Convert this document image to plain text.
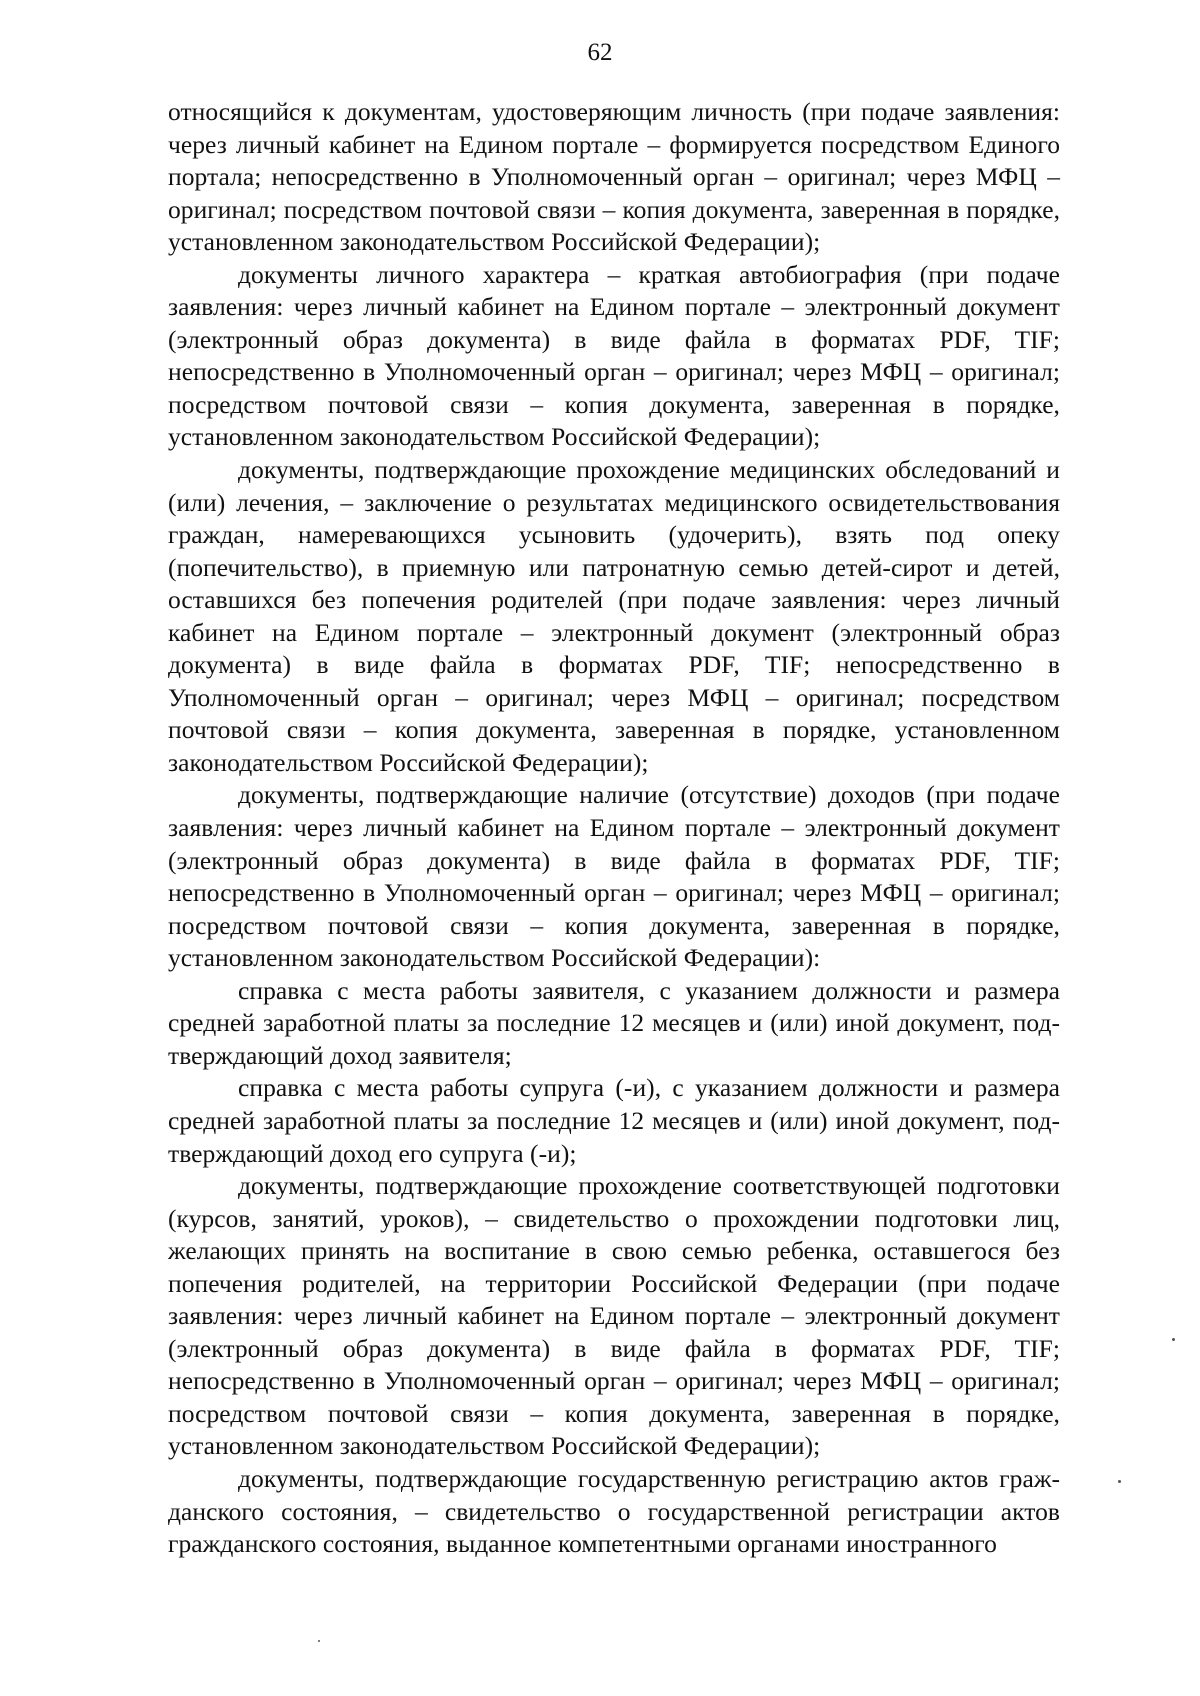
62

относящийся к документам, удостоверяющим личность (при подаче заявления: через личный кабинет на Едином портале – формируется посредством Единого портала; непосредственно в Уполномоченный орган – оригинал; через МФЦ – оригинал; посредством почтовой связи – копия документа, заверенная в порядке, установленном законодательством Российской Федерации);

документы личного характера – краткая автобиография (при подаче заявления: через личный кабинет на Едином портале – электронный документ (электронный образ документа) в виде файла в форматах PDF, TIF; непосредственно в Уполномоченный орган – оригинал; через МФЦ – оригинал; посредством почтовой связи – копия документа, заверенная в порядке, установленном законодательством Российской Федерации);

документы, подтверждающие прохождение медицинских обследований и (или) лечения, – заключение о результатах медицинского освидетельствования граждан, намеревающихся усыновить (удочерить), взять под опеку (попечительство), в приемную или патронатную семью детей-сирот и детей, оставшихся без попечения родителей (при подаче заявления: через личный кабинет на Едином портале – электронный документ (электронный образ документа) в виде файла в форматах PDF, TIF; непосредственно в Уполномоченный орган – оригинал; через МФЦ – оригинал; посредством почтовой связи – копия документа, заверенная в порядке, установленном законодательством Российской Федерации);

документы, подтверждающие наличие (отсутствие) доходов (при подаче заявления: через личный кабинет на Едином портале – электронный документ (электронный образ документа) в виде файла в форматах PDF, TIF; непосредственно в Уполномоченный орган – оригинал; через МФЦ – оригинал; посредством почтовой связи – копия документа, заверенная в порядке, установленном законодательством Российской Федерации):

справка с места работы заявителя, с указанием должности и размера средней заработной платы за последние 12 месяцев и (или) иной документ, подтверждающий доход заявителя;

справка с места работы супруга (-и), с указанием должности и размера средней заработной платы за последние 12 месяцев и (или) иной документ, подтверждающий доход его супруга (-и);

документы, подтверждающие прохождение соответствующей подготовки (курсов, занятий, уроков), – свидетельство о прохождении подготовки лиц, желающих принять на воспитание в свою семью ребенка, оставшегося без попечения родителей, на территории Российской Федерации (при подаче заявления: через личный кабинет на Едином портале – электронный документ (электронный образ документа) в виде файла в форматах PDF, TIF; непосредственно в Уполномоченный орган – оригинал; через МФЦ – оригинал; посредством почтовой связи – копия документа, заверенная в порядке, установленном законодательством Российской Федерации);

документы, подтверждающие государственную регистрацию актов гражданского состояния, – свидетельство о государственной регистрации актов гражданского состояния, выданное компетентными органами иностранного
